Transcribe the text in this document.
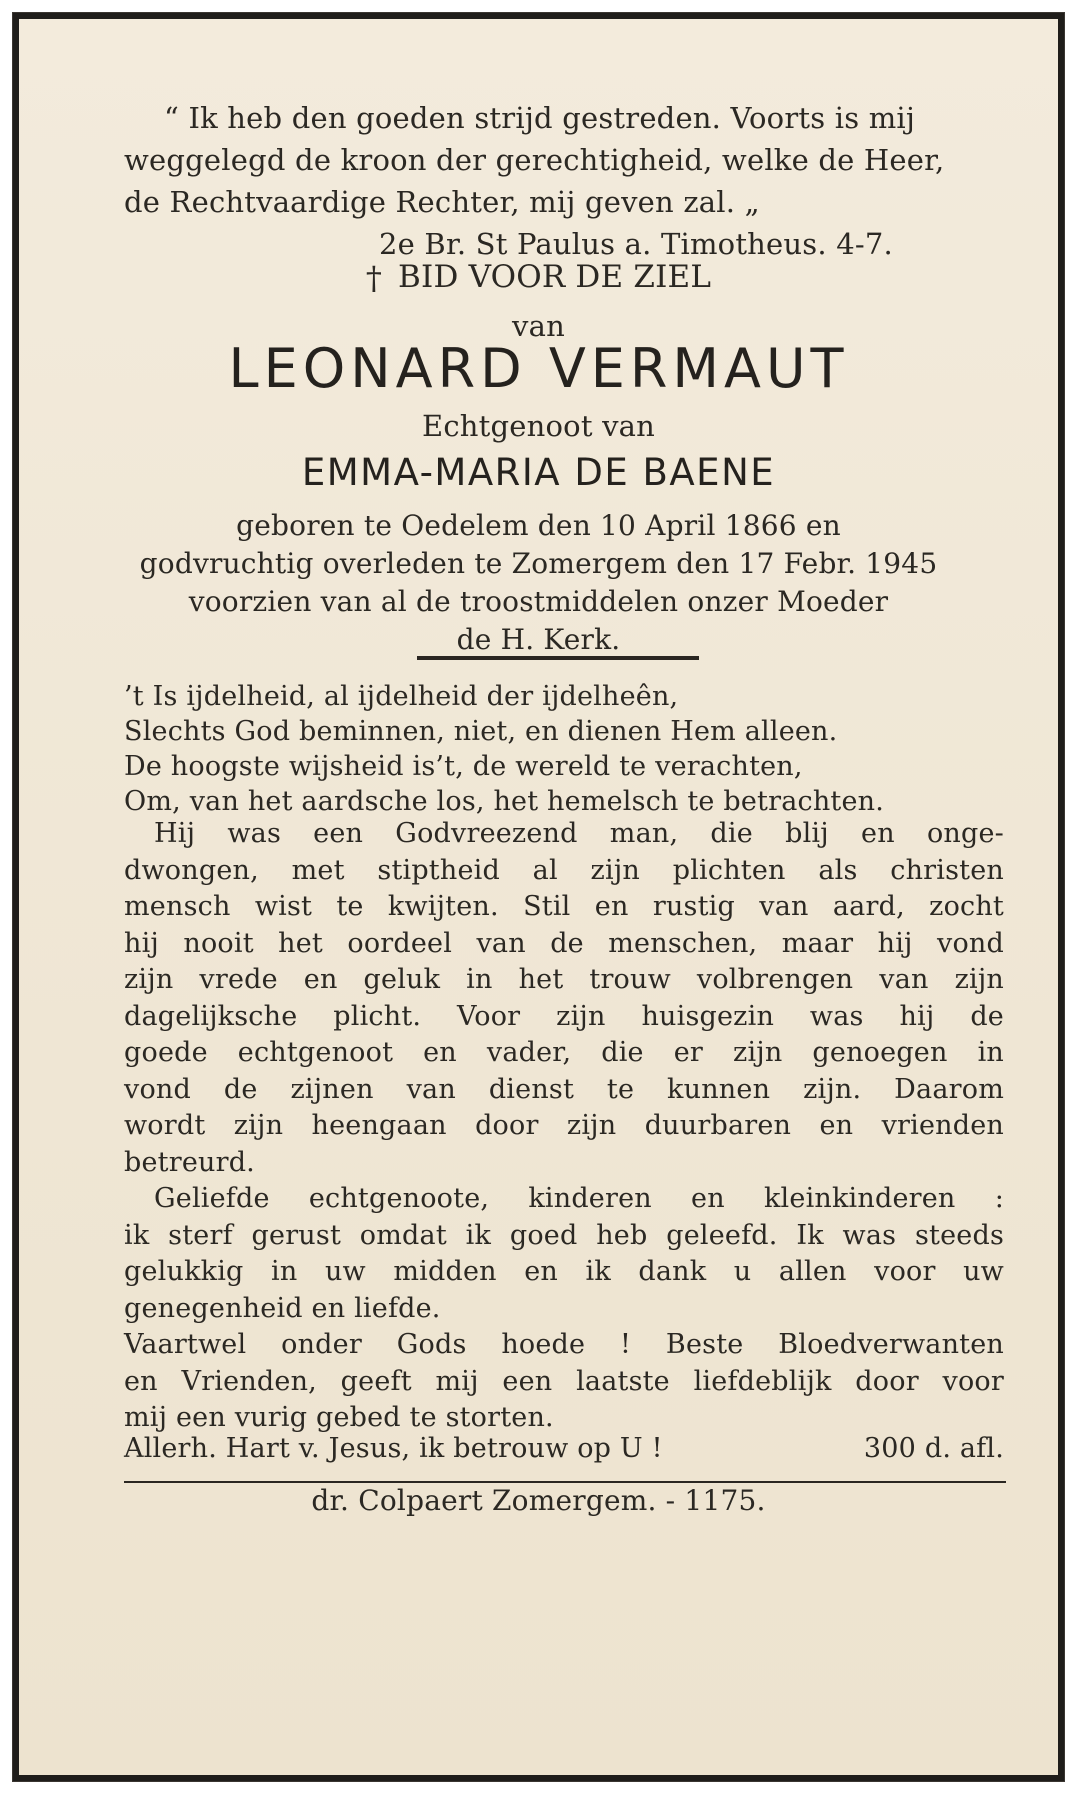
“ Ik heb den goeden strijd gestreden. Voorts is mij
weggelegd de kroon der gerechtigheid, welke de Heer,
de Rechtvaardige Rechter, mij geven zal. „
2e Br. St Paulus a. Timotheus. 4-7.
† BID VOOR DE ZIEL
van
LEONARD VERMAUT
Echtgenoot van
EMMA-MARIA DE BAENE
geboren te Oedelem den 10 April 1866 en
godvruchtig overleden te Zomergem den 17 Febr. 1945
voorzien van al de troostmiddelen onzer Moeder
de H. Kerk.
’t Is ijdelheid, al ijdelheid der ijdelheên,
Slechts God beminnen, niet, en dienen Hem alleen.
De hoogste wijsheid is’t, de wereld te verachten,
Om, van het aardsche los, het hemelsch te betrachten.

Hij was een Godvreezend man, die blij en onge-
dwongen, met stiptheid al zijn plichten als christen
mensch wist te kwijten. Stil en rustig van aard, zocht
hij nooit het oordeel van de menschen, maar hij vond
zijn vrede en geluk in het trouw volbrengen van zijn
dagelijksche plicht. Voor zijn huisgezin was hij de
goede echtgenoot en vader, die er zijn genoegen in
vond de zijnen van dienst te kunnen zijn. Daarom
wordt zijn heengaan door zijn duurbaren en vrienden
betreurd.

Geliefde echtgenoote, kinderen en kleinkinderen :
ik sterf gerust omdat ik goed heb geleefd. Ik was steeds
gelukkig in uw midden en ik dank u allen voor uw
genegenheid en liefde.

Vaartwel onder Gods hoede ! Beste Bloedverwanten
en Vrienden, geeft mij een laatste liefdeblijk door voor
mij een vurig gebed te storten.

Allerh. Hart v. Jesus, ik betrouw op U !	300 d. afl.
dr. Colpaert Zomergem. - 1175.
